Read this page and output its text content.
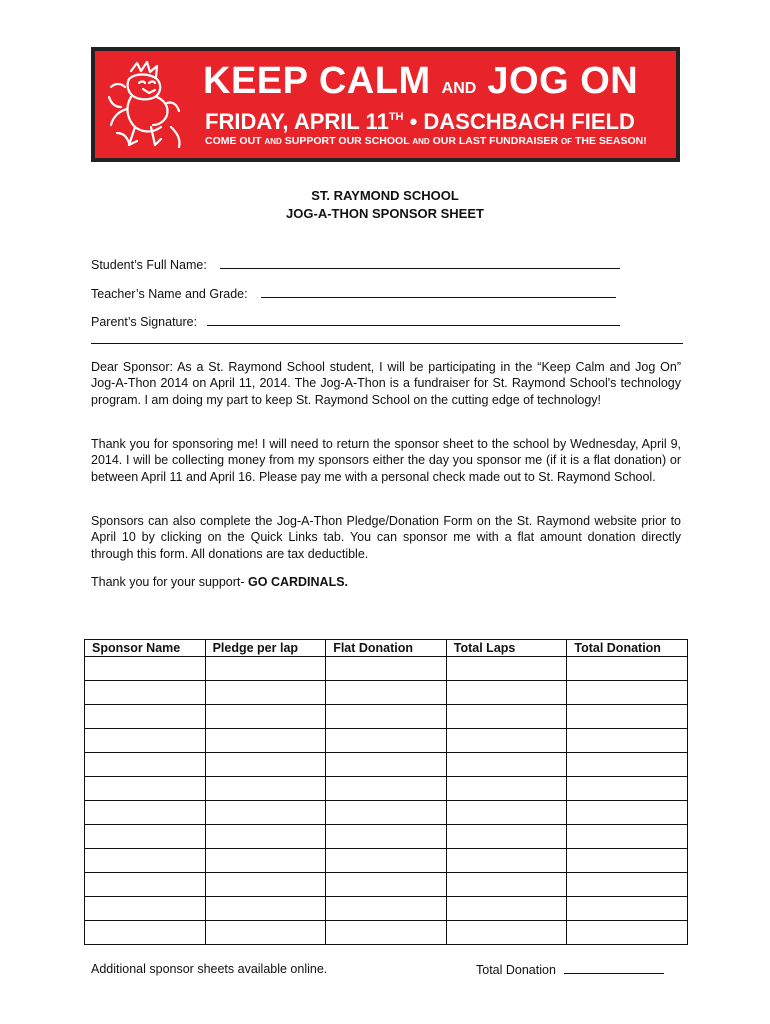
KEEP CALM AND JOG ON
FRIDAY, APRIL 11TH • DASCHBACH FIELD
COME OUT AND SUPPORT OUR SCHOOL AND OUR LAST FUNDRAISER OF THE SEASON!
ST. RAYMOND SCHOOL
JOG-A-THON SPONSOR SHEET
Student’s Full Name:
Teacher’s Name and Grade:
Parent’s Signature:
Dear Sponsor: As a St. Raymond School student, I will be participating in the “Keep Calm and Jog On” Jog-A-Thon 2014 on April 11, 2014. The Jog-A-Thon is a fundraiser for St. Raymond School's technology program. I am doing my part to keep St. Raymond School on the cutting edge of technology!
Thank you for sponsoring me! I will need to return the sponsor sheet to the school by Wednesday, April 9, 2014. I will be collecting money from my sponsors either the day you sponsor me (if it is a flat donation) or between April 11 and April 16. Please pay me with a personal check made out to St. Raymond School.
Sponsors can also complete the Jog-A-Thon Pledge/Donation Form on the St. Raymond website prior to April 10 by clicking on the Quick Links tab. You can sponsor me with a flat amount donation directly through this form. All donations are tax deductible.
Thank you for your support- GO CARDINALS.
Sponsor Name	Pledge per lap	Flat Donation	Total Laps	Total Donation

Additional sponsor sheets available online.	Total Donation
